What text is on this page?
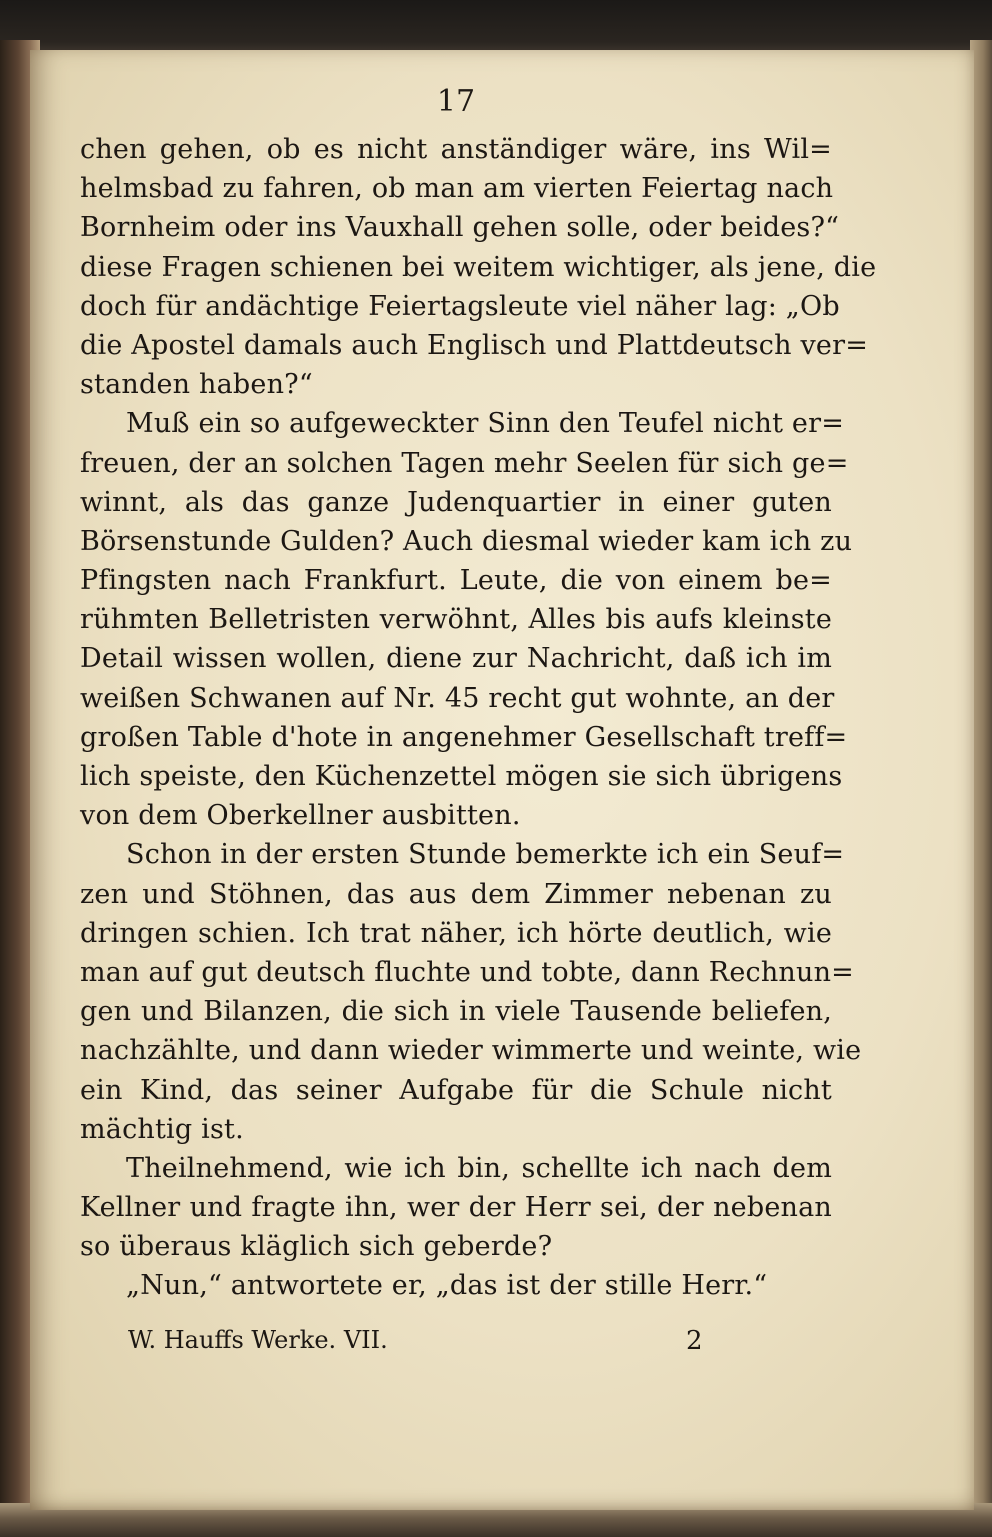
17
chen gehen, ob es nicht anständiger wäre, ins Wil=
helmsbad zu fahren, ob man am vierten Feiertag nach
Bornheim oder ins Vauxhall gehen solle, oder beides?“
diese Fragen schienen bei weitem wichtiger, als jene, die
doch für andächtige Feiertagsleute viel näher lag: „Ob
die Apostel damals auch Englisch und Plattdeutsch ver=
standen haben?“
Muß ein so aufgeweckter Sinn den Teufel nicht er=
freuen, der an solchen Tagen mehr Seelen für sich ge=
winnt, als das ganze Judenquartier in einer guten
Börsenstunde Gulden? Auch diesmal wieder kam ich zu
Pfingsten nach Frankfurt. Leute, die von einem be=
rühmten Belletristen verwöhnt, Alles bis aufs kleinste
Detail wissen wollen, diene zur Nachricht, daß ich im
weißen Schwanen auf Nr. 45 recht gut wohnte, an der
großen Table d'hote in angenehmer Gesellschaft treff=
lich speiste, den Küchenzettel mögen sie sich übrigens
von dem Oberkellner ausbitten.
Schon in der ersten Stunde bemerkte ich ein Seuf=
zen und Stöhnen, das aus dem Zimmer nebenan zu
dringen schien. Ich trat näher, ich hörte deutlich, wie
man auf gut deutsch fluchte und tobte, dann Rechnun=
gen und Bilanzen, die sich in viele Tausende beliefen,
nachzählte, und dann wieder wimmerte und weinte, wie
ein Kind, das seiner Aufgabe für die Schule nicht
mächtig ist.
Theilnehmend, wie ich bin, schellte ich nach dem
Kellner und fragte ihn, wer der Herr sei, der nebenan
so überaus kläglich sich geberde?
„Nun,“ antwortete er, „das ist der stille Herr.“
W. Hauffs Werke. VII.	2
